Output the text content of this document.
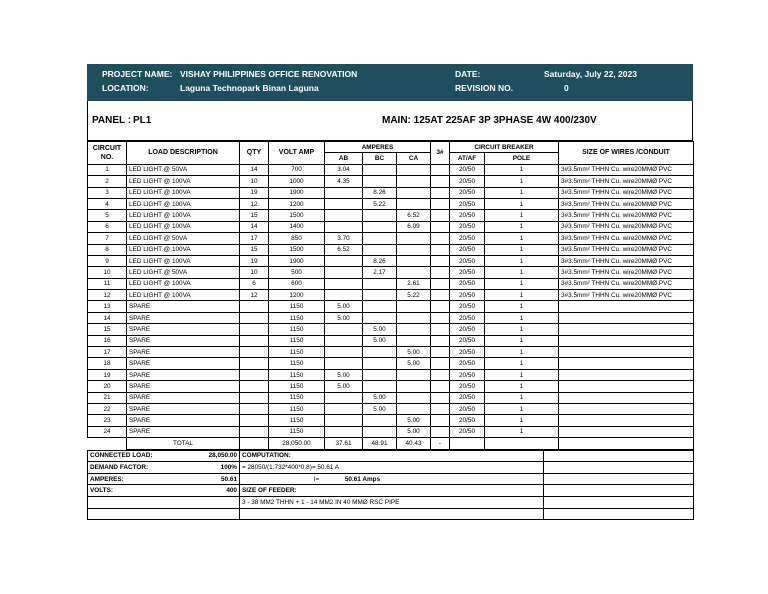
PROJECT NAME: VISHAY PHILIPPINES OFFICE RENOVATION
LOCATION:	Laguna Technopark Binan Laguna
DATE:	Saturday, July 22, 2023
REVISION NO.	0
PANEL : PL1	MAIN: 125AT 225AF 3P 3PHASE 4W 400/230V
CIRCUIT
NO.	LOAD DESCRIPTION	QTY	VOLT AMP	AMPERES			3#	CIRCUIT BREAKER		SIZE OF WIRES /CONDUIT
				AB	BC	CA		AT/AF	POLE	
1	LED LIGHT @ 50VA	14	700	3.04				20/50	1	3#3.5mm² THHN Cu. wire20MMØ PVC
2	LED LIGHT @ 100VA	10	1000	4.35				20/50	1	3#3.5mm² THHN Cu. wire20MMØ PVC
3	LED LIGHT @ 100VA	19	1900		8.26			20/50	1	3#3.5mm² THHN Cu. wire20MMØ PVC
4	LED LIGHT @ 100VA	12	1200		5.22			20/50	1	3#3.5mm² THHN Cu. wire20MMØ PVC
5	LED LIGHT @ 100VA	15	1500			6.52		20/50	1	3#3.5mm² THHN Cu. wire20MMØ PVC
6	LED LIGHT @ 100VA	14	1400			6.09		20/50	1	3#3.5mm² THHN Cu. wire20MMØ PVC
7	LED LIGHT @ 50VA	17	850	3.70				20/50	1	3#3.5mm² THHN Cu. wire20MMØ PVC
8	LED LIGHT @ 100VA	15	1500	6.52				20/50	1	3#3.5mm² THHN Cu. wire20MMØ PVC
9	LED LIGHT @ 100VA	19	1900		8.26			20/50	1	3#3.5mm² THHN Cu. wire20MMØ PVC
10	LED LIGHT @ 50VA	10	500		2.17			20/50	1	3#3.5mm² THHN Cu. wire20MMØ PVC
11	LED LIGHT @ 100VA	6	600			2.61		20/50	1	3#3.5mm² THHN Cu. wire20MMØ PVC
12	LED LIGHT @ 100VA	12	1200			5.22		20/50	1	3#3.5mm² THHN Cu. wire20MMØ PVC
13	SPARE		1150	5.00				20/50	1	
14	SPARE		1150	5.00				20/50	1	
15	SPARE		1150		5.00			20/50	1	
16	SPARE		1150		5.00			20/50	1	
17	SPARE		1150			5.00		20/50	1	
18	SPARE		1150			5.00		20/50	1	
19	SPARE		1150	5.00				20/50	1	
20	SPARE		1150	5.00				20/50	1	
21	SPARE		1150		5.00			20/50	1	
22	SPARE		1150		5.00			20/50	1	
23	SPARE		1150			5.00		20/50	1	
24	SPARE		1150			5.00		20/50	1	
	TOTAL		28,050.00	37.61	48.91	40.43	-			
CONNECTED LOAD: 28,050.00	COMPUTATION:	
DEMAND FACTOR: 100%	= 28050/(1.732*400*0.8)= 50.61 A	
AMPERES: 50.61	I= 50.61 Amps	
VOLTS: 400	SIZE OF FEEDER:	
	3 - 38 MM2 THHN + 1 - 14 MM2 IN 40 MMØ RSC PIPE	
